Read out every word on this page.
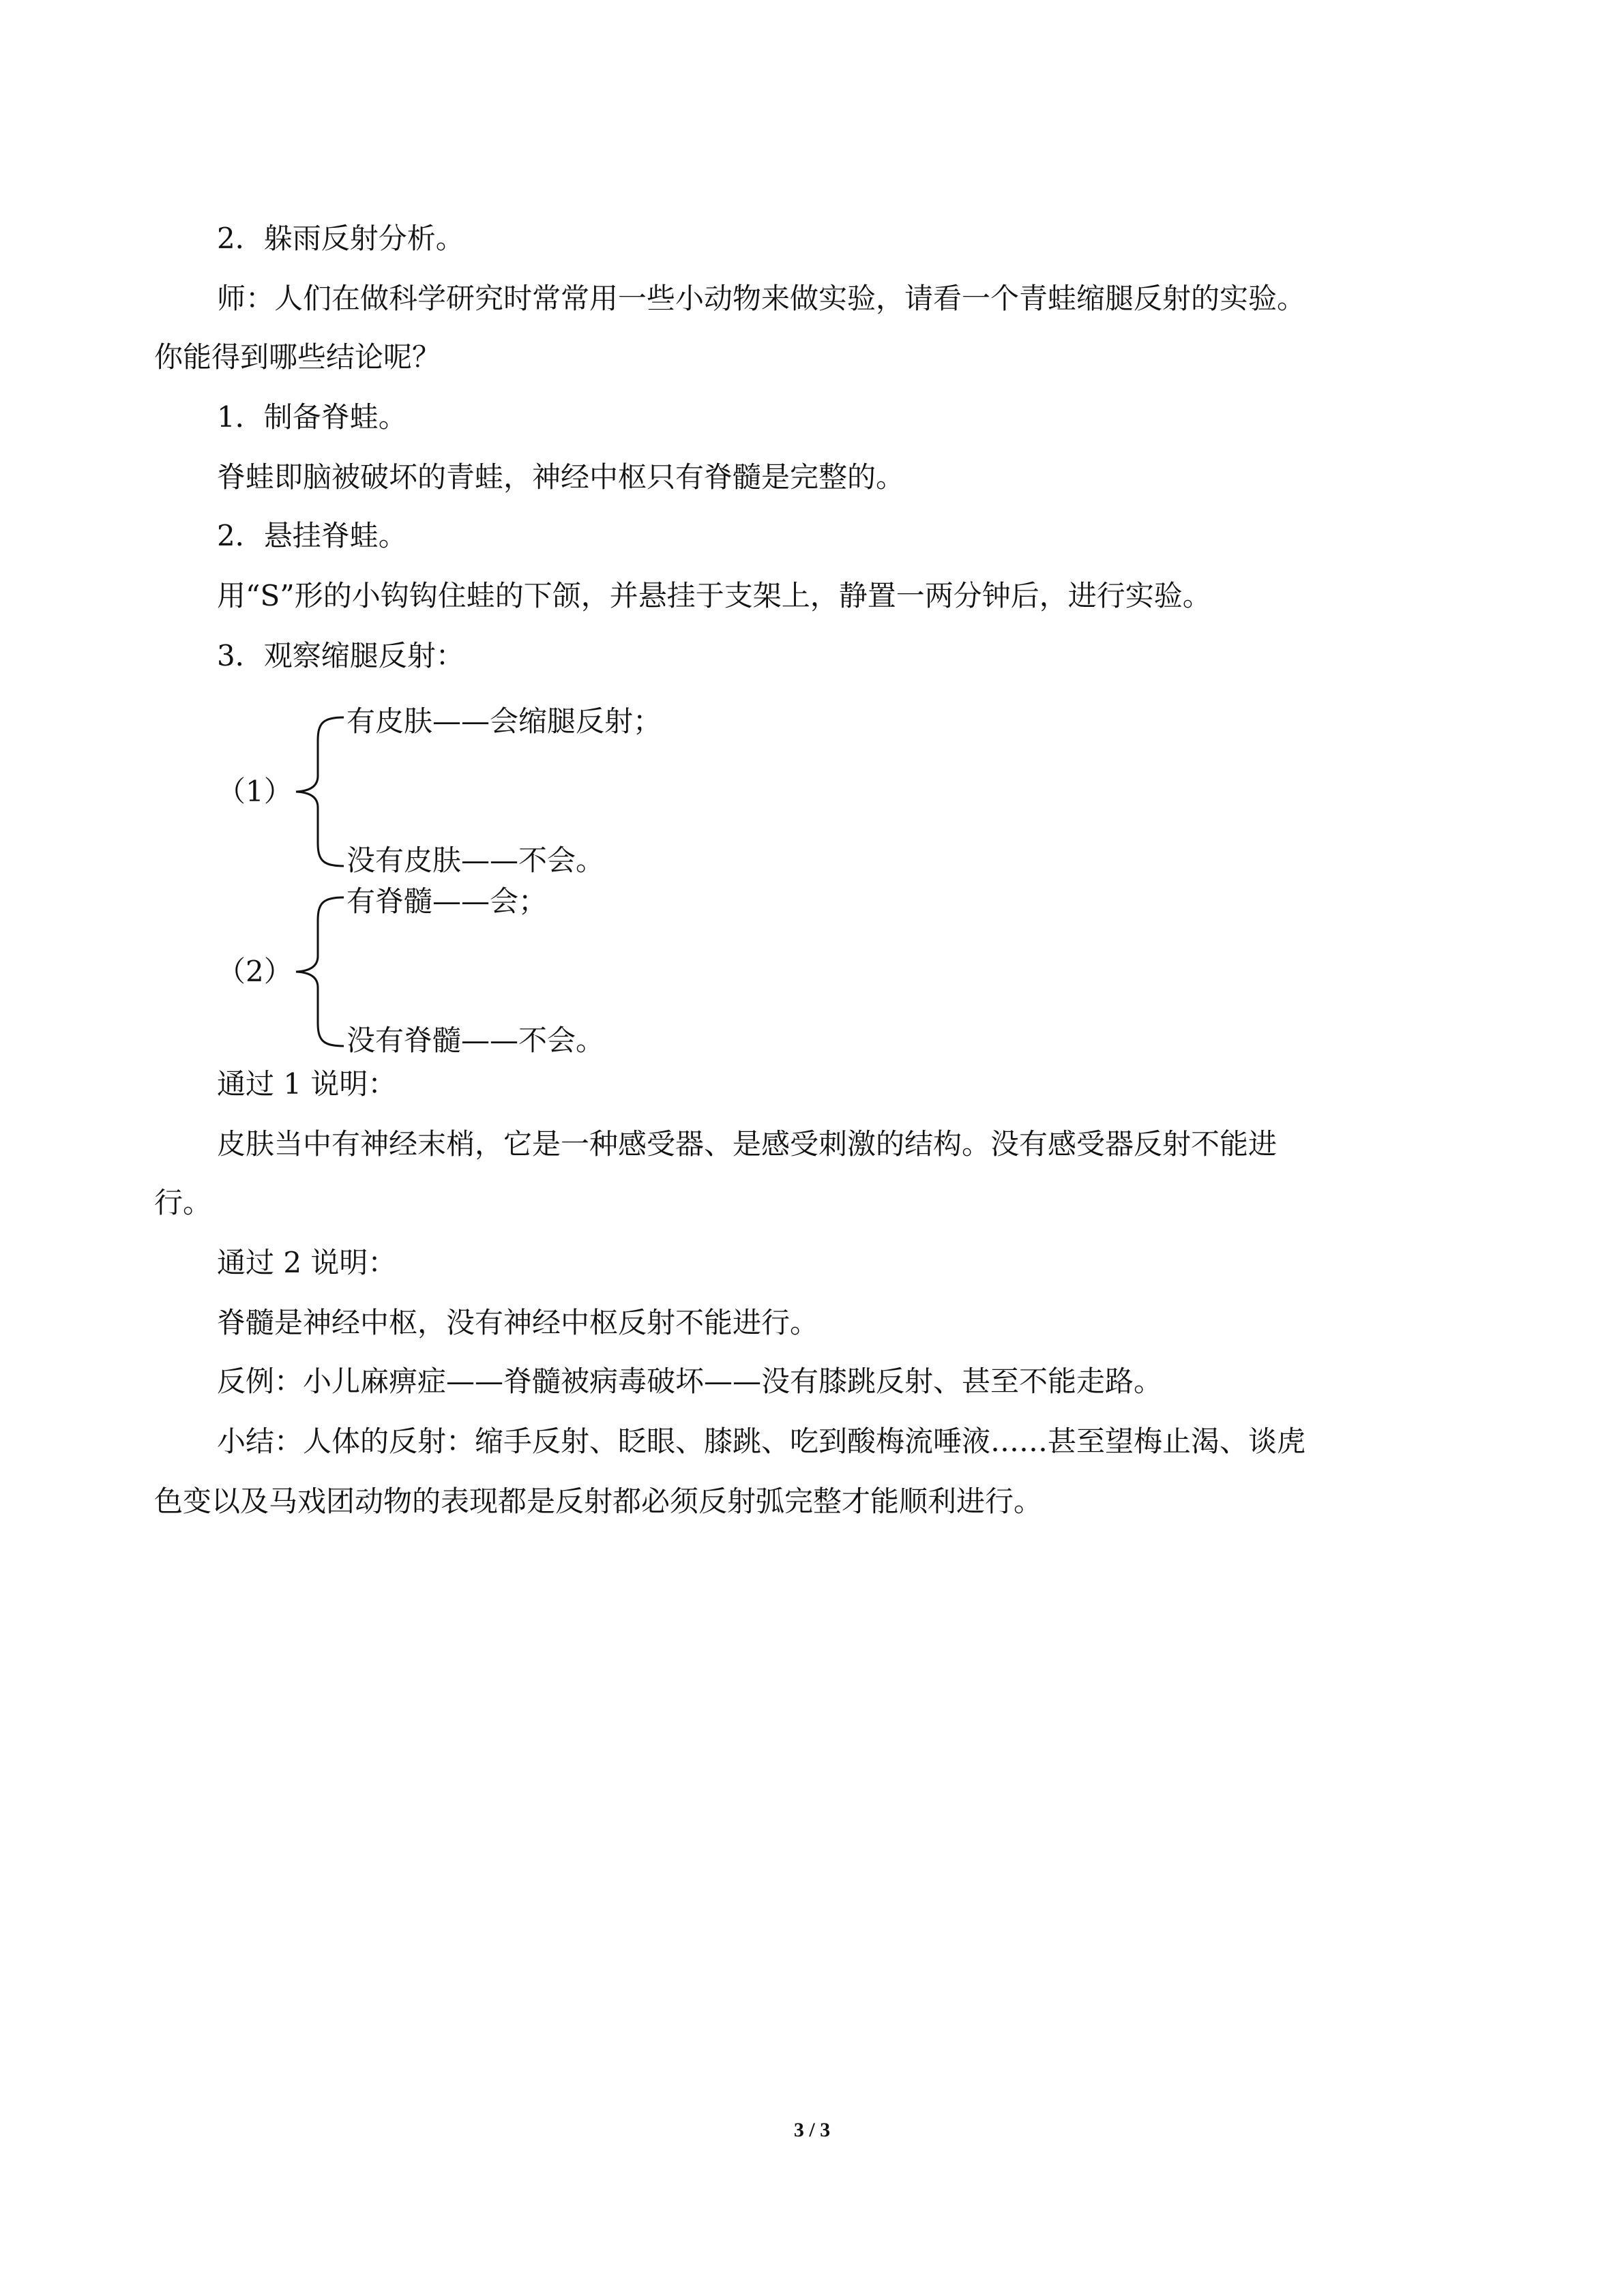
2．躲雨反射分析。
师：人们在做科学研究时常常用一些小动物来做实验，请看一个青蛙缩腿反射的实验。
你能得到哪些结论呢？
1．制备脊蛙。
脊蛙即脑被破坏的青蛙，神经中枢只有脊髓是完整的。
2．悬挂脊蛙。
用“S”形的小钩钩住蛙的下颌，并悬挂于支架上，静置一两分钟后，进行实验。
3．观察缩腿反射：
（1）
有皮肤——会缩腿反射；
没有皮肤——不会。
（2）
有脊髓——会；
没有脊髓——不会。
通过 1 说明：
皮肤当中有神经末梢，它是一种感受器、是感受刺激的结构。没有感受器反射不能进
行。
通过 2 说明：
脊髓是神经中枢，没有神经中枢反射不能进行。
反例：小儿麻痹症——脊髓被病毒破坏——没有膝跳反射、甚至不能走路。
小结：人体的反射：缩手反射、眨眼、膝跳、吃到酸梅流唾液……甚至望梅止渴、谈虎
色变以及马戏团动物的表现都是反射都必须反射弧完整才能顺利进行。
3 / 3
